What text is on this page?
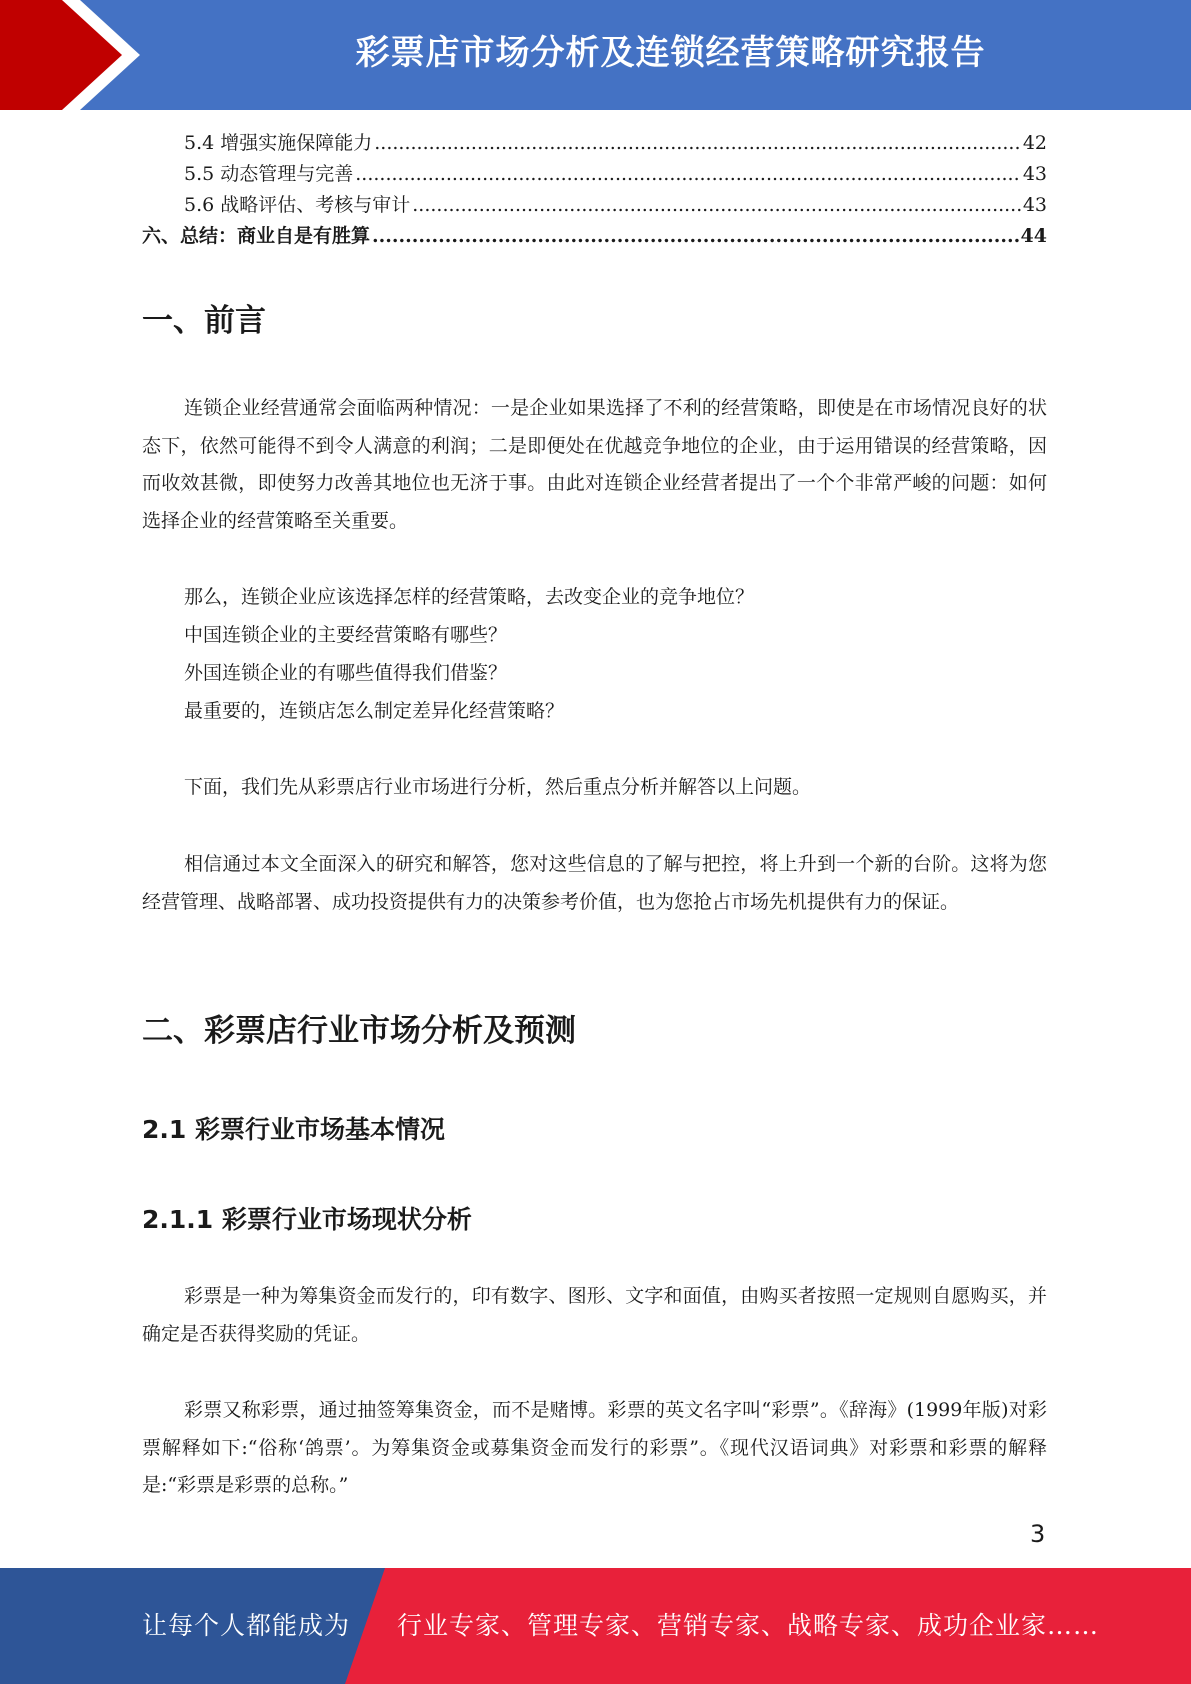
彩票店市场分析及连锁经营策略研究报告
5.4 增强实施保障能力 .....	42
5.5 动态管理与完善 .....	43
5.6 战略评估、考核与审计 .....	43
六、总结：商业自是有胜算 .....	44
一、前言

连锁企业经营通常会面临两种情况：一是企业如果选择了不利的经营策略，即使是在市场情况良好的状态下，依然可能得不到令人满意的利润；二是即便处在优越竞争地位的企业，由于运用错误的经营策略，因而收效甚微，即使努力改善其地位也无济于事。由此对连锁企业经营者提出了一个个非常严峻的问题：如何选择企业的经营策略至关重要。

那么，连锁企业应该选择怎样的经营策略，去改变企业的竞争地位？

中国连锁企业的主要经营策略有哪些？

外国连锁企业的有哪些值得我们借鉴？

最重要的，连锁店怎么制定差异化经营策略？

下面，我们先从彩票店行业市场进行分析，然后重点分析并解答以上问题。

相信通过本文全面深入的研究和解答，您对这些信息的了解与把控，将上升到一个新的台阶。这将为您经营管理、战略部署、成功投资提供有力的决策参考价值，也为您抢占市场先机提供有力的保证。

二、彩票店行业市场分析及预测
2.1 彩票行业市场基本情况
2.1.1 彩票行业市场现状分析

彩票是一种为筹集资金而发行的，印有数字、图形、文字和面值，由购买者按照一定规则自愿购买，并确定是否获得奖励的凭证。

彩票又称彩票，通过抽签筹集资金，而不是赌博。彩票的英文名字叫“彩票”。《辞海》(1999年版)对彩票解释如下:“俗称‘鸽票’。为筹集资金或募集资金而发行的彩票”。《现代汉语词典》对彩票和彩票的解释是:“彩票是彩票的总称。”

3
让每个人都能成为 行业专家、管理专家、营销专家、战略专家、成功企业家……
